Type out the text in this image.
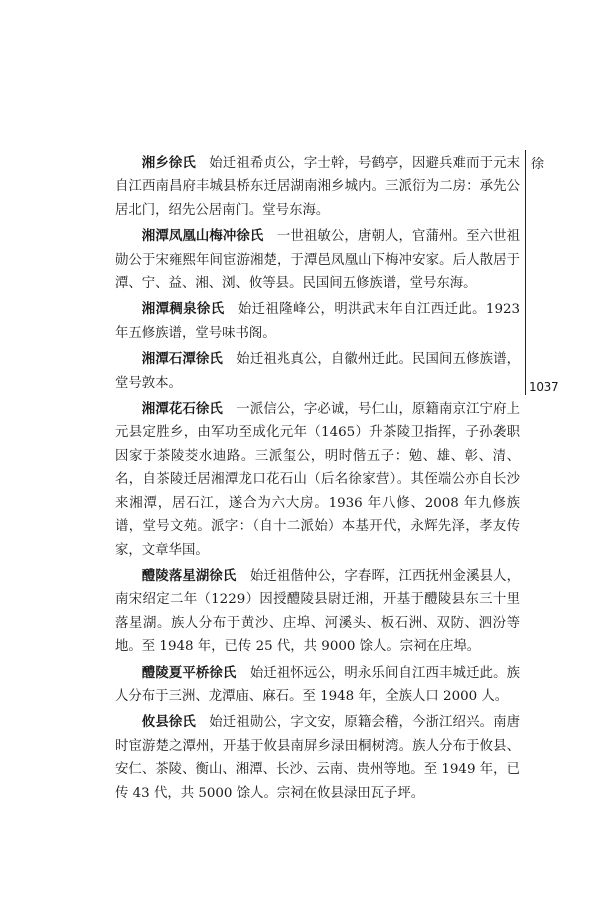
湘乡徐氏 始迁祖希贞公，字士幹，号鹤亭，因避兵难而于元末自江西南昌府丰城县桥东迁居湖南湘乡城内。三派衍为二房：承先公居北门，绍先公居南门。堂号东海。

湘潭凤凰山梅冲徐氏 一世祖敏公，唐朝人，官蒲州。至六世祖勋公于宋雍熙年间宦游湘楚，于潭邑凤凰山下梅冲安家。后人散居于潭、宁、益、湘、浏、攸等县。民国间五修族谱，堂号东海。

湘潭稠泉徐氏 始迁祖隆峰公，明洪武末年自江西迁此。1923 年五修族谱，堂号味书阁。

湘潭石潭徐氏 始迁祖兆真公，自徽州迁此。民国间五修族谱，堂号敦本。

湘潭花石徐氏 一派信公，字必诚，号仁山，原籍南京江宁府上元县定胜乡，由军功至成化元年（1465）升茶陵卫指挥，子孙袭职因家于茶陵茭水迪路。三派玺公，明时偕五子：勉、雄、彰、清、名，自茶陵迁居湘潭龙口花石山（后名徐家营）。其侄端公亦自长沙来湘潭，居石江，遂合为六大房。1936 年八修、2008 年九修族谱，堂号文苑。派字：（自十二派始）本基开代，永辉先泽，孝友传家，文章华国。

醴陵落星湖徐氏 始迁祖偕仲公，字春晖，江西抚州金溪县人，南宋绍定二年（1229）因授醴陵县尉迁湘，开基于醴陵县东三十里落星湖。族人分布于黄沙、庄埠、河溪头、板石洲、双防、泗汾等地。至 1948 年，已传 25 代，共 9000 馀人。宗祠在庄埠。

醴陵夏平桥徐氏 始迁祖怀远公，明永乐间自江西丰城迁此。族人分布于三洲、龙潭庙、麻石。至 1948 年，全族人口 2000 人。

攸县徐氏 始迁祖勋公，字文安，原籍会稽，今浙江绍兴。南唐时宦游楚之潭州，开基于攸县南屏乡渌田桐树湾。族人分布于攸县、安仁、茶陵、衡山、湘潭、长沙、云南、贵州等地。至 1949 年，已传 43 代，共 5000 馀人。宗祠在攸县渌田瓦子坪。

徐
1037
